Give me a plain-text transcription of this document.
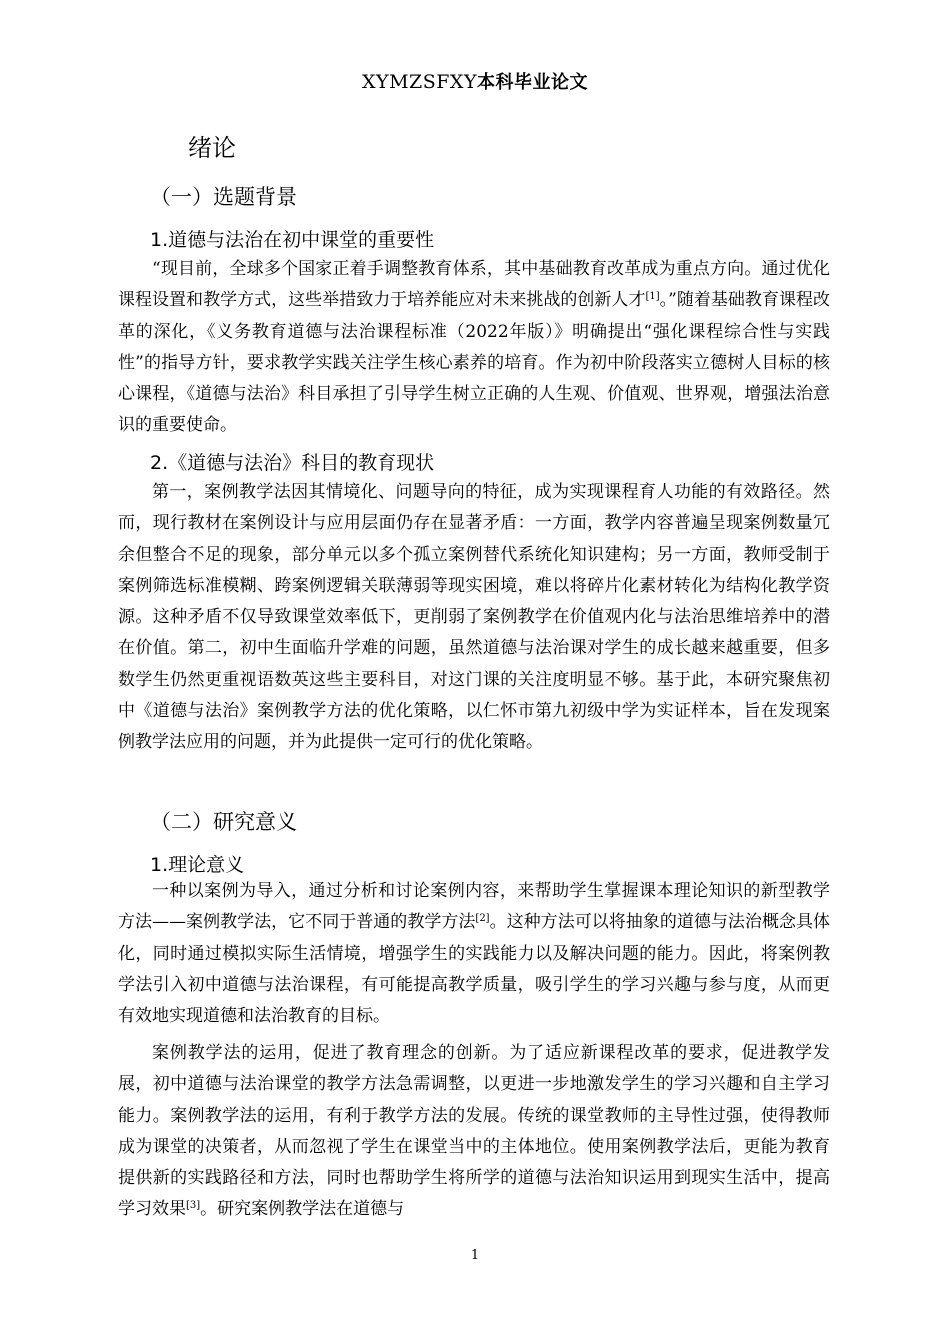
XYMZSFXY本科毕业论文
绪论
（一）选题背景
1.道德与法治在初中课堂的重要性

“现目前，全球多个国家正着手调整教育体系，其中基础教育改革成为重点方向。通过优化课程设置和教学方式，这些举措致力于培养能应对未来挑战的创新人才[1]。”随着基础教育课程改革的深化，《义务教育道德与法治课程标准（2022年版）》明确提出“强化课程综合性与实践性”的指导方针，要求教学实践关注学生核心素养的培育。作为初中阶段落实立德树人目标的核心课程，《道德与法治》科目承担了引导学生树立正确的人生观、价值观、世界观，增强法治意识的重要使命。

2.《道德与法治》科目的教育现状

第一，案例教学法因其情境化、问题导向的特征，成为实现课程育人功能的有效路径。然而，现行教材在案例设计与应用层面仍存在显著矛盾：一方面，教学内容普遍呈现案例数量冗余但整合不足的现象，部分单元以多个孤立案例替代系统化知识建构；另一方面，教师受制于案例筛选标准模糊、跨案例逻辑关联薄弱等现实困境，难以将碎片化素材转化为结构化教学资源。这种矛盾不仅导致课堂效率低下，更削弱了案例教学在价值观内化与法治思维培养中的潜在价值。第二，初中生面临升学难的问题，虽然道德与法治课对学生的成长越来越重要，但多数学生仍然更重视语数英这些主要科目，对这门课的关注度明显不够。基于此，本研究聚焦初中《道德与法治》案例教学方法的优化策略，以仁怀市第九初级中学为实证样本，旨在发现案例教学法应用的问题，并为此提供一定可行的优化策略。

（二）研究意义
1.理论意义

一种以案例为导入，通过分析和讨论案例内容，来帮助学生掌握课本理论知识的新型教学方法——案例教学法，它不同于普通的教学方法[2]。这种方法可以将抽象的道德与法治概念具体化，同时通过模拟实际生活情境，增强学生的实践能力以及解决问题的能力。因此，将案例教学法引入初中道德与法治课程，有可能提高教学质量，吸引学生的学习兴趣与参与度，从而更有效地实现道德和法治教育的目标。

案例教学法的运用，促进了教育理念的创新。为了适应新课程改革的要求，促进教学发展，初中道德与法治课堂的教学方法急需调整，以更进一步地激发学生的学习兴趣和自主学习能力。案例教学法的运用，有利于教学方法的发展。传统的课堂教师的主导性过强，使得教师成为课堂的决策者，从而忽视了学生在课堂当中的主体地位。使用案例教学法后，更能为教育提供新的实践路径和方法，同时也帮助学生将所学的道德与法治知识运用到现实生活中，提高学习效果[3]。研究案例教学法在道德与

1
